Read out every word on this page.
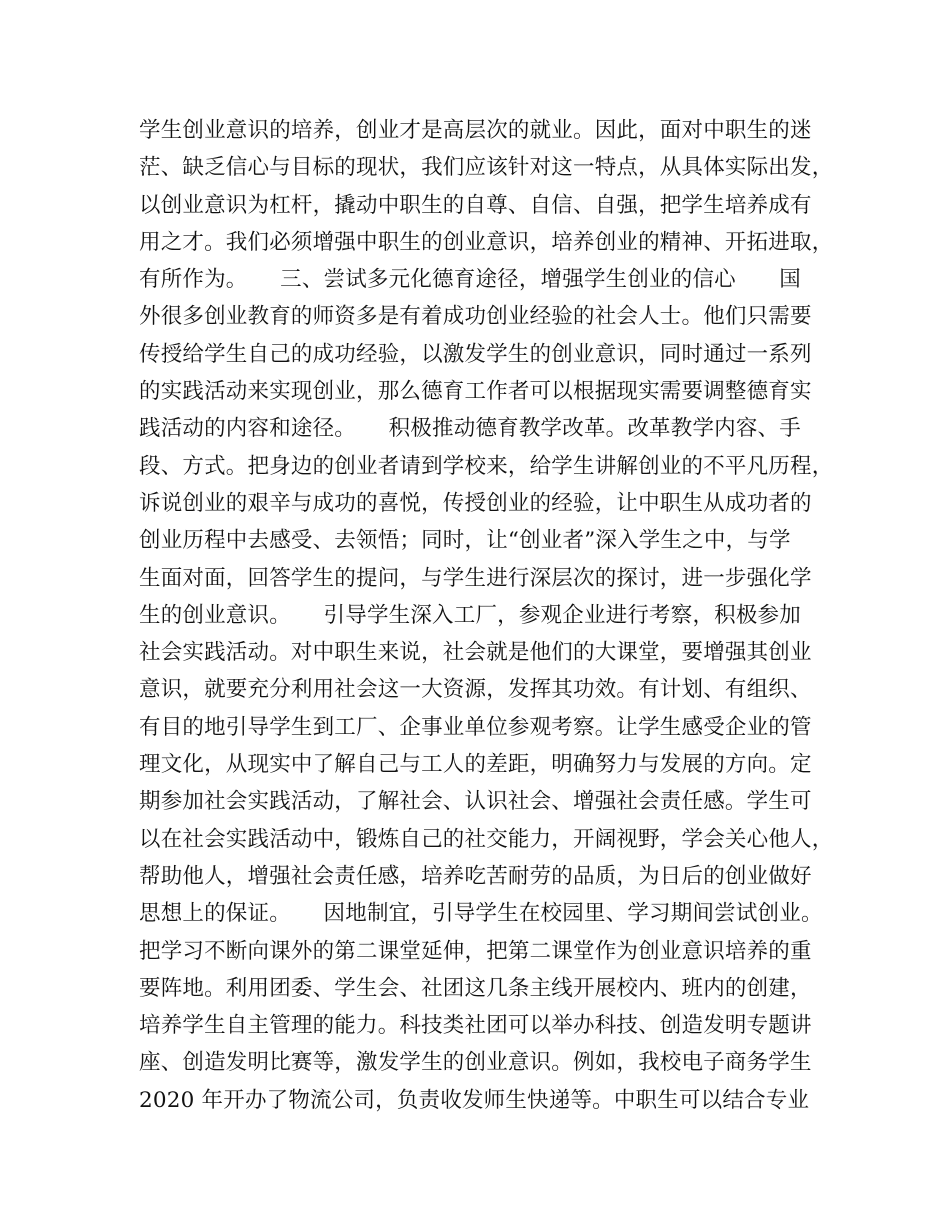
学生创业意识的培养，创业才是高层次的就业。因此，面对中职生的迷
茫、缺乏信心与目标的现状，我们应该针对这一特点，从具体实际出发，
以创业意识为杠杆，撬动中职生的自尊、自信、自强，把学生培养成有
用之才。我们必须增强中职生的创业意识，培养创业的精神、开拓进取，
有所作为。　　三、尝试多元化德育途径，增强学生创业的信心　　国
外很多创业教育的师资多是有着成功创业经验的社会人士。他们只需要
传授给学生自己的成功经验，以激发学生的创业意识，同时通过一系列
的实践活动来实现创业，那么德育工作者可以根据现实需要调整德育实
践活动的内容和途径。　　积极推动德育教学改革。改革教学内容、手
段、方式。把身边的创业者请到学校来，给学生讲解创业的不平凡历程，
诉说创业的艰辛与成功的喜悦，传授创业的经验，让中职生从成功者的
创业历程中去感受、去领悟；同时，让“创业者”深入学生之中，与学
生面对面，回答学生的提问，与学生进行深层次的探讨，进一步强化学
生的创业意识。　　引导学生深入工厂，参观企业进行考察，积极参加
社会实践活动。对中职生来说，社会就是他们的大课堂，要增强其创业
意识，就要充分利用社会这一大资源，发挥其功效。有计划、有组织、
有目的地引导学生到工厂、企事业单位参观考察。让学生感受企业的管
理文化，从现实中了解自己与工人的差距，明确努力与发展的方向。定
期参加社会实践活动，了解社会、认识社会、增强社会责任感。学生可
以在社会实践活动中，锻炼自己的社交能力，开阔视野，学会关心他人，
帮助他人，增强社会责任感，培养吃苦耐劳的品质，为日后的创业做好
思想上的保证。　　因地制宜，引导学生在校园里、学习期间尝试创业。
把学习不断向课外的第二课堂延伸，把第二课堂作为创业意识培养的重
要阵地。利用团委、学生会、社团这几条主线开展校内、班内的创建，
培养学生自主管理的能力。科技类社团可以举办科技、创造发明专题讲
座、创造发明比赛等，激发学生的创业意识。例如，我校电子商务学生
2020 年开办了物流公司，负责收发师生快递等。中职生可以结合专业
